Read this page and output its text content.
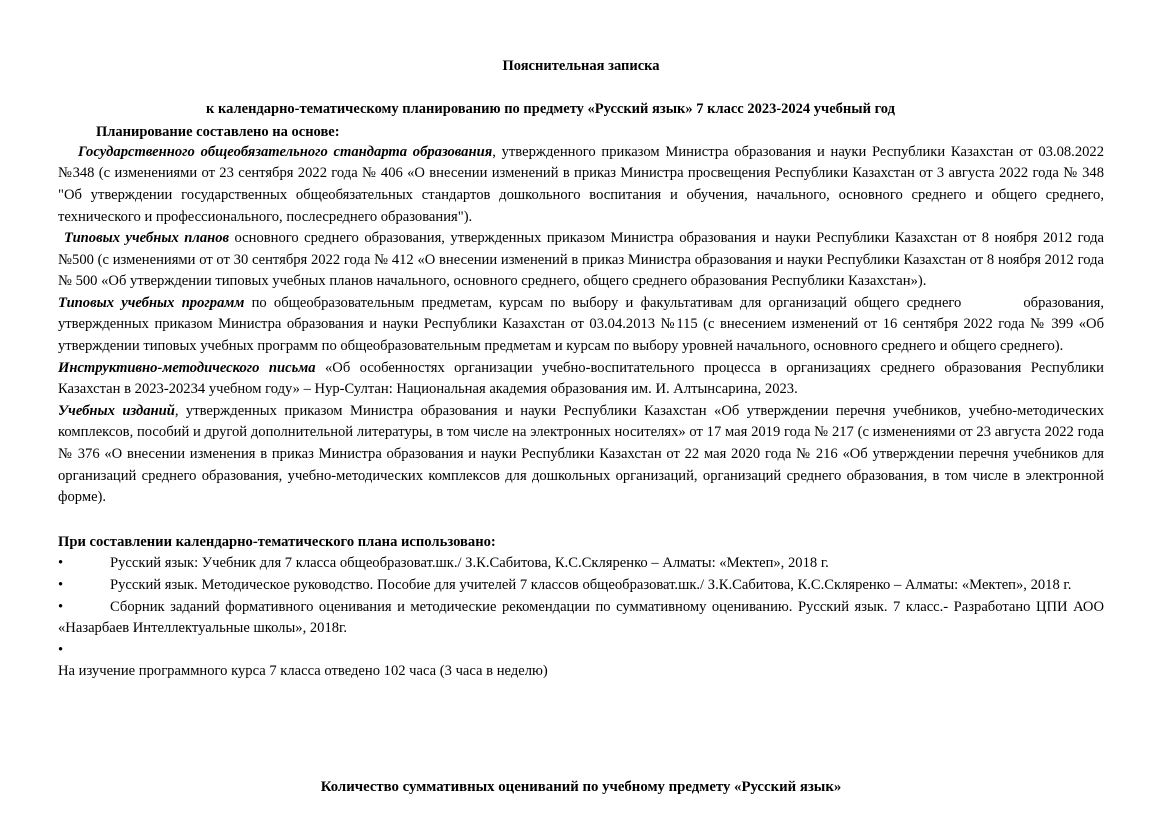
Пояснительная записка
к календарно-тематическому планированию по предмету «Русский язык» 7 класс 2023-2024 учебный год

Планирование составлено на основе:

Государственного общеобязательного стандарта образования, утвержденного приказом Министра образования и науки Республики Казахстан от 03.08.2022 №348 (с изменениями от 23 сентября 2022 года № 406 «О внесении изменений в приказ Министра просвещения Республики Казахстан от 3 августа 2022 года № 348 "Об утверждении государственных общеобязательных стандартов дошкольного воспитания и обучения, начального, основного среднего и общего среднего, технического и профессионального, послесреднего образования").

Типовых учебных планов основного среднего образования, утвержденных приказом Министра образования и науки Республики Казахстан от 8 ноября 2012 года №500 (с изменениями от от 30 сентября 2022 года № 412 «О внесении изменений в приказ Министра образования и науки Республики Казахстан от 8 ноября 2012 года № 500 «Об утверждении типовых учебных планов начального, основного среднего, общего среднего образования Республики Казахстан»).

Типовых учебных программ по общеобразовательным предметам, курсам по выбору и факультативам для организаций общего среднего	образования, утвержденных приказом Министра образования и науки Республики Казахстан от 03.04.2013 №115 (с внесением изменений от 16 сентября 2022 года № 399 «Об утверждении типовых учебных программ по общеобразовательным предметам и курсам по выбору уровней начального, основного среднего и общего среднего).

Инструктивно-методического письма «Об особенностях организации учебно-воспитательного процесса в организациях среднего образования Республики Казахстан в 2023-20234 учебном году» – Нур-Султан: Национальная академия образования им. И. Алтынсарина, 2023.

Учебных изданий, утвержденных приказом Министра образования и науки Республики Казахстан «Об утверждении перечня учебников, учебно-методических комплексов, пособий и другой дополнительной литературы, в том числе на электронных носителях» от 17 мая 2019 года № 217 (с изменениями от 23 августа 2022 года № 376 «О внесении изменения в приказ Министра образования и науки Республики Казахстан от 22 мая 2020 года № 216 «Об утверждении перечня учебников для организаций среднего образования, учебно-методических комплексов для дошкольных организаций, организаций среднего образования, в том числе в электронной форме).

При составлении календарно-тематического плана использовано:

•	Русский язык: Учебник для 7 класса общеобразоват.шк./ З.К.Сабитова, К.С.Скляренко – Алматы: «Мектеп», 2018 г.
•	Русский язык. Методическое руководство. Пособие для учителей 7 классов общеобразоват.шк./ З.К.Сабитова, К.С.Скляренко – Алматы: «Мектеп», 2018 г.
•	Сборник заданий формативного оценивания и методические рекомендации по суммативному оцениванию. Русский язык. 7 класс.- Разработано ЦПИ АОО «Назарбаев Интеллектуальные школы», 2018г.
•

На изучение программного курса 7 класса отведено 102 часа (3 часа в неделю)

Количество суммативных оцениваний по учебному предмету «Русский язык»
